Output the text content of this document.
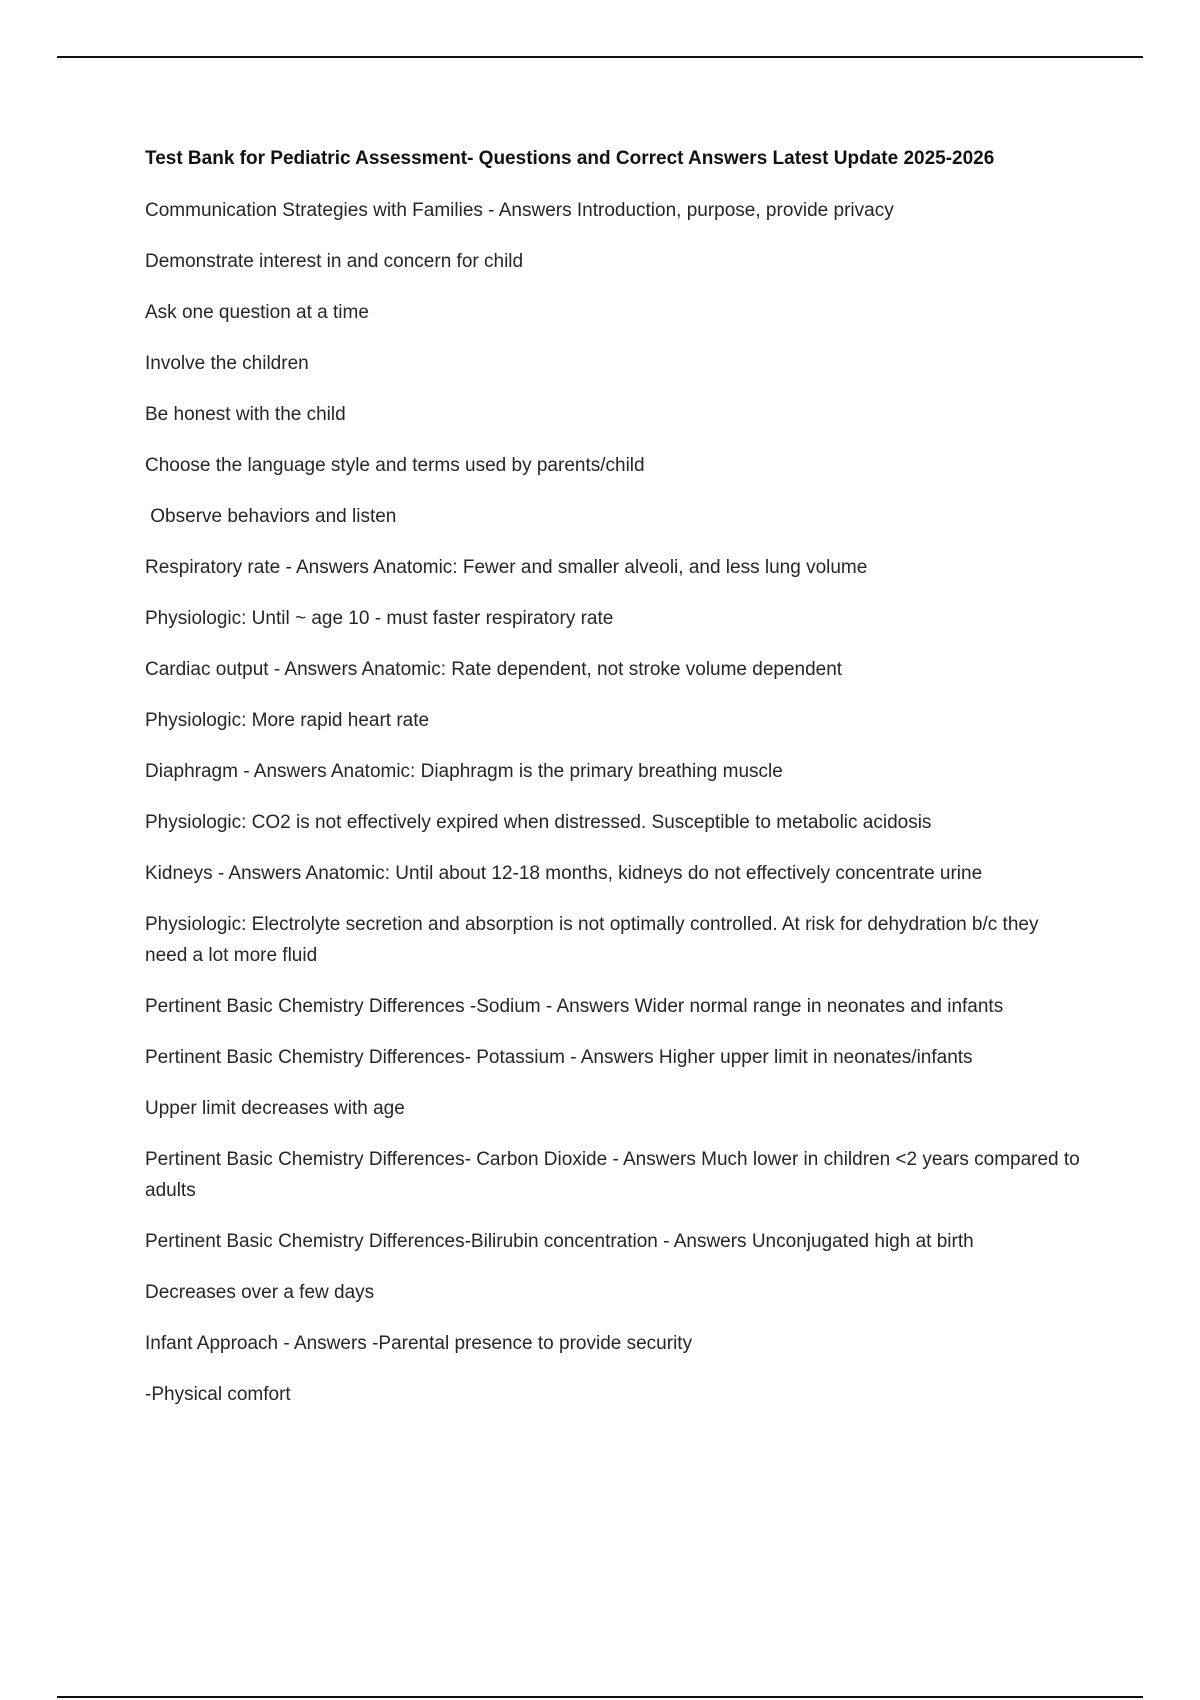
Test Bank for Pediatric Assessment- Questions and Correct Answers Latest Update 2025-2026

Communication Strategies with Families - Answers Introduction, purpose, provide privacy

Demonstrate interest in and concern for child

Ask one question at a time

Involve the children

Be honest with the child

Choose the language style and terms used by parents/child

Observe behaviors and listen

Respiratory rate - Answers Anatomic: Fewer and smaller alveoli, and less lung volume

Physiologic: Until ~ age 10 - must faster respiratory rate

Cardiac output - Answers Anatomic: Rate dependent, not stroke volume dependent

Physiologic: More rapid heart rate

Diaphragm - Answers Anatomic: Diaphragm is the primary breathing muscle

Physiologic: CO2 is not effectively expired when distressed. Susceptible to metabolic acidosis

Kidneys - Answers Anatomic: Until about 12-18 months, kidneys do not effectively concentrate urine

Physiologic: Electrolyte secretion and absorption is not optimally controlled. At risk for dehydration b/c they need a lot more fluid

Pertinent Basic Chemistry Differences -Sodium - Answers Wider normal range in neonates and infants

Pertinent Basic Chemistry Differences- Potassium - Answers Higher upper limit in neonates/infants

Upper limit decreases with age

Pertinent Basic Chemistry Differences- Carbon Dioxide - Answers Much lower in children <2 years compared to adults

Pertinent Basic Chemistry Differences-Bilirubin concentration - Answers Unconjugated high at birth

Decreases over a few days

Infant Approach - Answers -Parental presence to provide security

-Physical comfort
